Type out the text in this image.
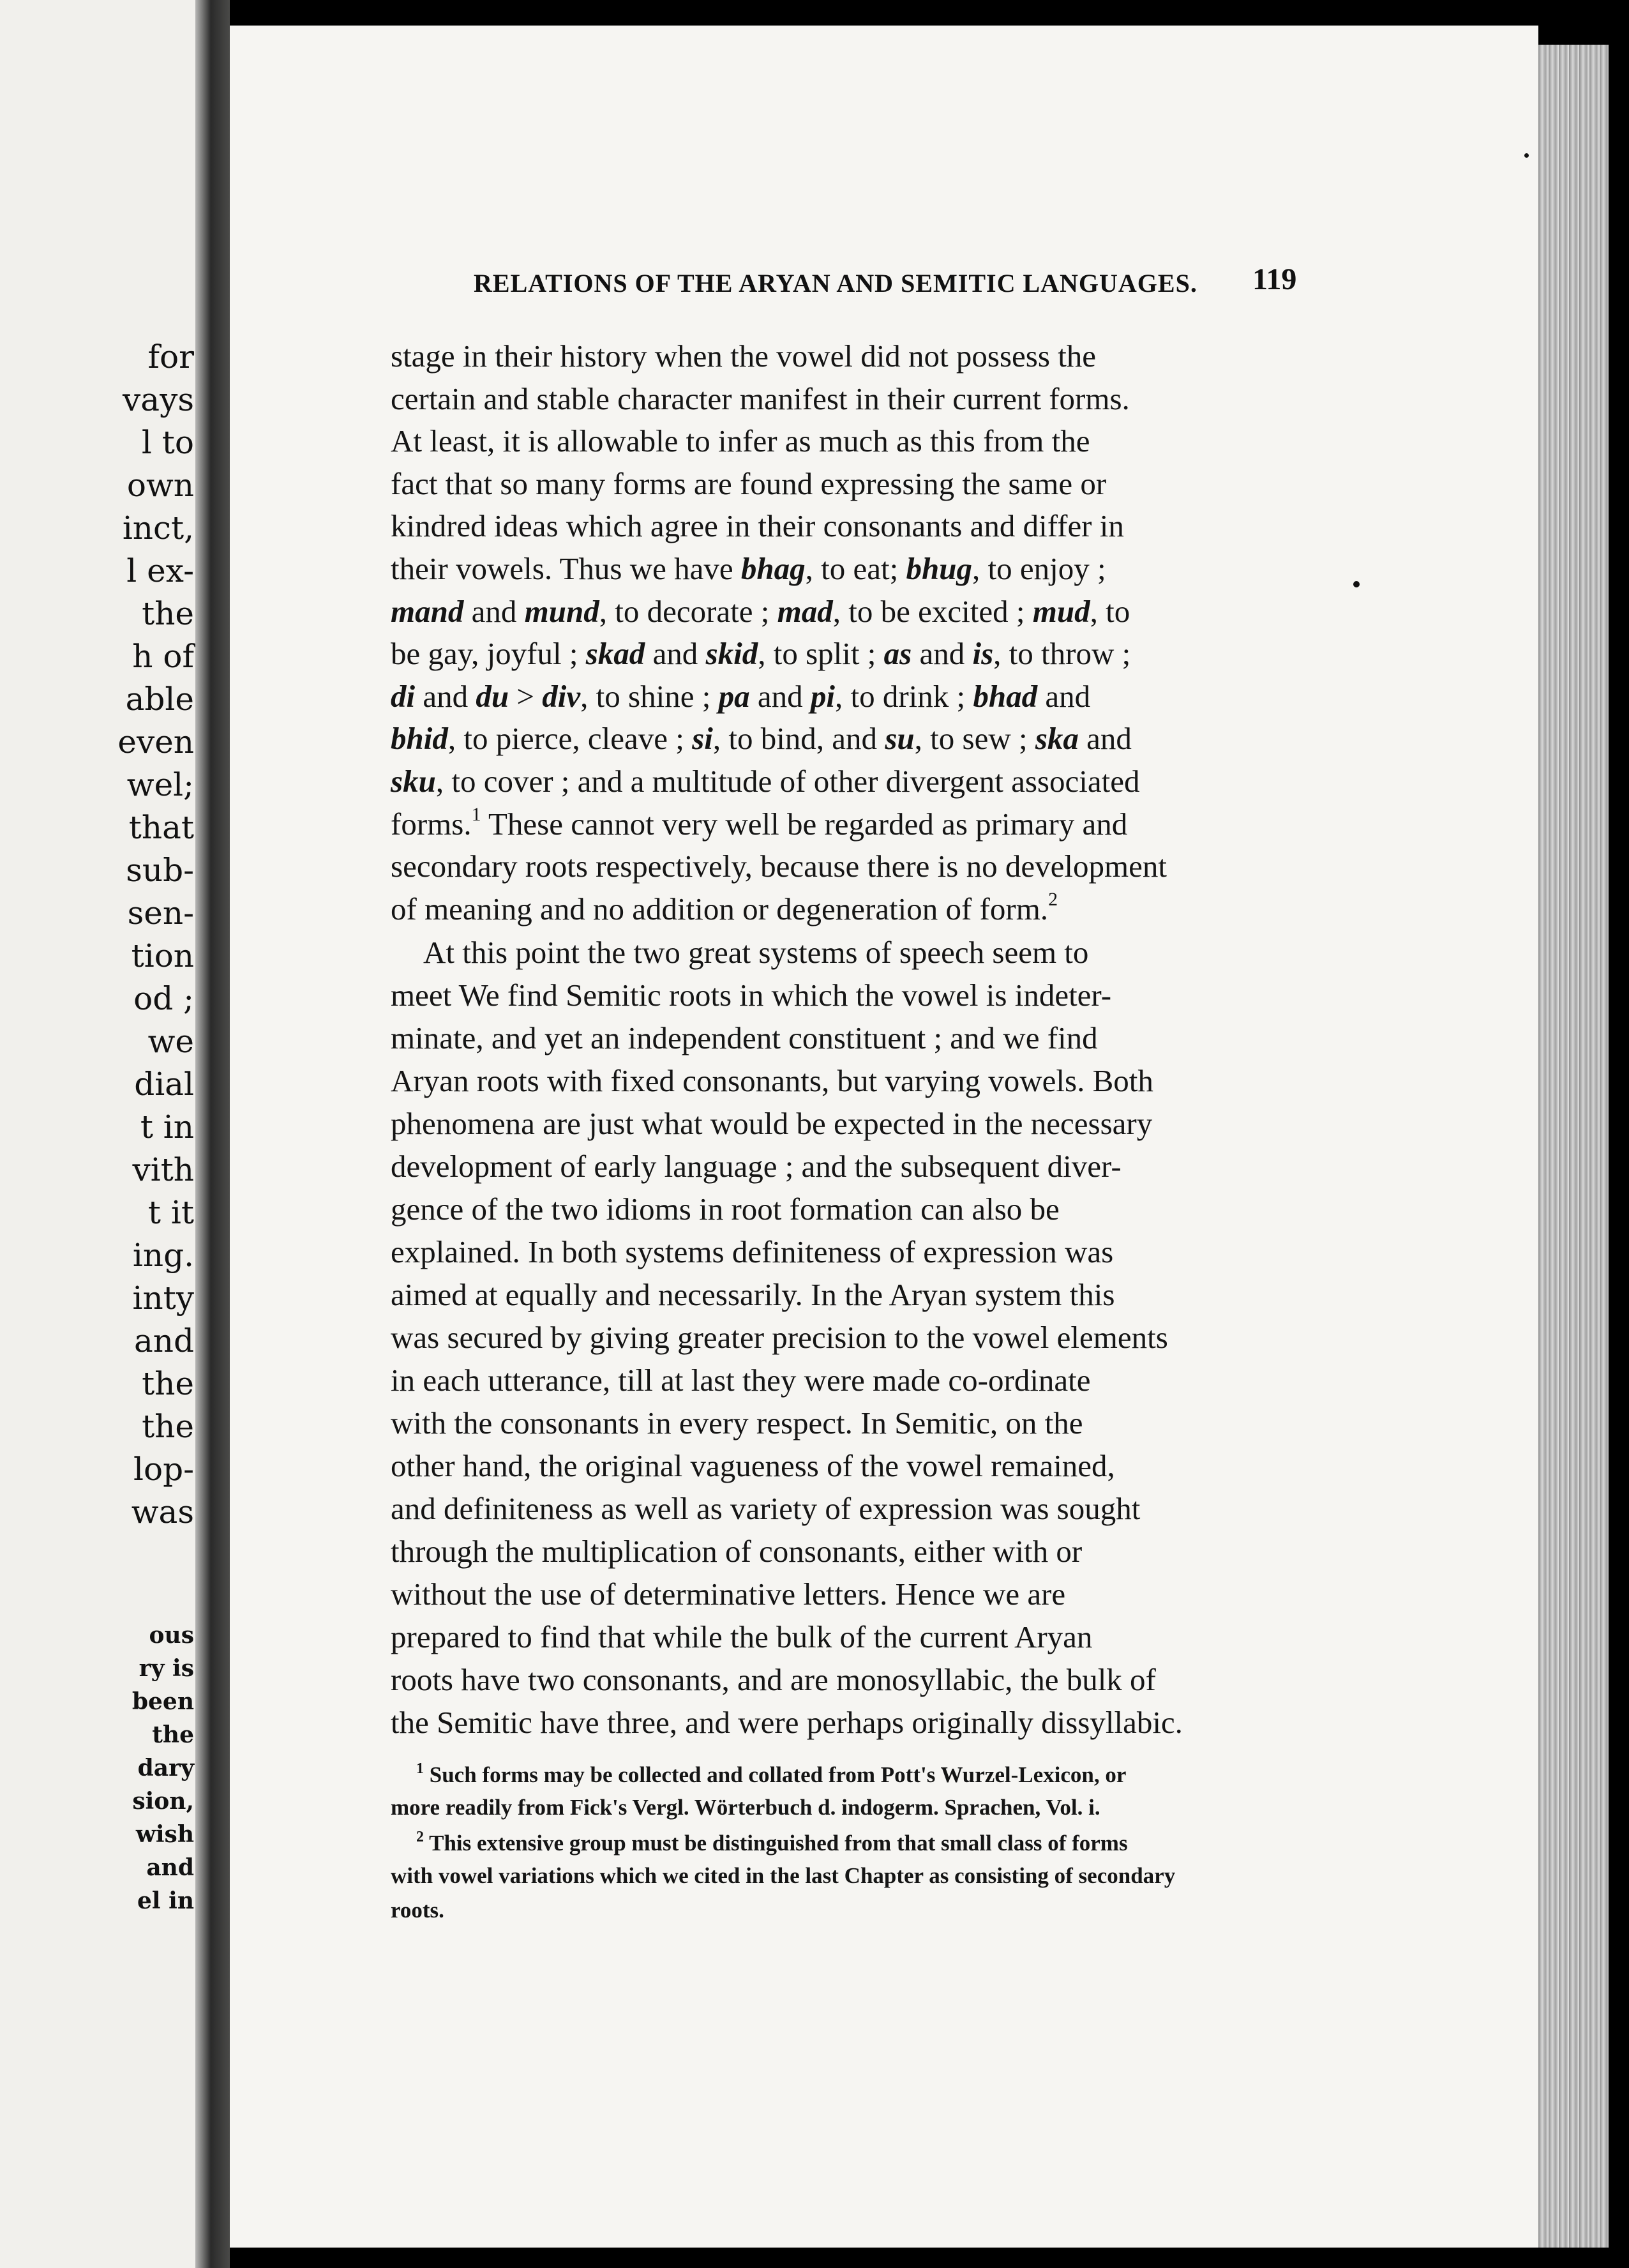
for
vays
l to
own
inct,
l ex-
the
h of
able
even
wel;
that
sub-
sen-
tion
od ;
we
dial
t in
vith
t it
ing.
inty
and
the
the
lop-
was
ous
ry is
been
the
dary
sion,
wish
and
el in
RELATIONS OF THE ARYAN AND SEMITIC LANGUAGES. 119
stage in their history when the vowel did not possess the
certain and stable character manifest in their current forms.
At least, it is allowable to infer as much as this from the
fact that so many forms are found expressing the same or
kindred ideas which agree in their consonants and differ in
their vowels. Thus we have bhag, to eat; bhug, to enjoy ;
mand and mund, to decorate ; mad, to be excited ; mud, to
be gay, joyful ; skad and skid, to split ; as and is, to throw ;
di and du > div, to shine ; pa and pi, to drink ; bhad and
bhid, to pierce, cleave ; si, to bind, and su, to sew ; ska and
sku, to cover ; and a multitude of other divergent associated
forms.$^1$ These cannot very well be regarded as primary and
secondary roots respectively, because there is no development
of meaning and no addition or degeneration of form.$^2$
At this point the two great systems of speech seem to
meet We find Semitic roots in which the vowel is indeter-
minate, and yet an independent constituent ; and we find
Aryan roots with fixed consonants, but varying vowels. Both
phenomena are just what would be expected in the necessary
development of early language ; and the subsequent diver-
gence of the two idioms in root formation can also be
explained. In both systems definiteness of expression was
aimed at equally and necessarily. In the Aryan system this
was secured by giving greater precision to the vowel elements
in each utterance, till at last they were made co-ordinate
with the consonants in every respect. In Semitic, on the
other hand, the original vagueness of the vowel remained,
and definiteness as well as variety of expression was sought
through the multiplication of consonants, either with or
without the use of determinative letters. Hence we are
prepared to find that while the bulk of the current Aryan
roots have two consonants, and are monosyllabic, the bulk of
the Semitic have three, and were perhaps originally dissyllabic.
$^1$ Such forms may be collected and collated from Pott's Wurzel-Lexicon, or
more readily from Fick's Vergl. Wörterbuch d. indogerm. Sprachen, Vol. i.
$^2$ This extensive group must be distinguished from that small class of forms
with vowel variations which we cited in the last Chapter as consisting of secondary
roots.
